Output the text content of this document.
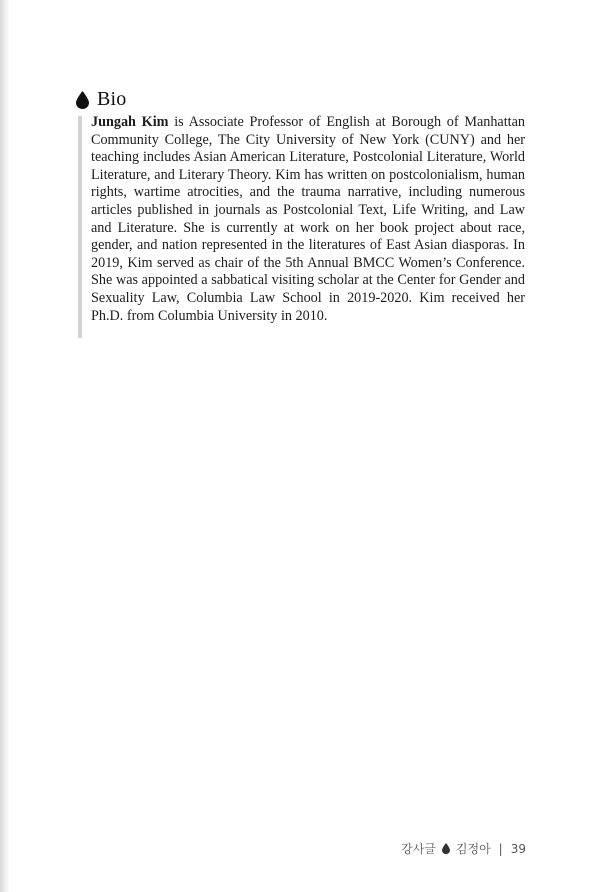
Bio

Jungah Kim is Associate Professor of English at Borough of Manhattan Community College, The City University of New York (CUNY) and her teaching includes Asian American Literature, Postcolonial Literature, World Literature, and Literary Theory. Kim has written on postcolonialism, human rights, wartime atrocities, and the trauma narrative, including numerous articles published in journals as Postcolonial Text, Life Writing, and Law and Literature. She is currently at work on her book project about race, gender, and nation represented in the literatures of East Asian diasporas. In 2019, Kim served as chair of the 5th Annual BMCC Women’s Conference. She was appointed a sabbatical visiting scholar at the Center for Gender and Sexuality Law, Columbia Law School in 2019-2020. Kim received her Ph.D. from Columbia University in 2010.

강사글 김정아 | 39
